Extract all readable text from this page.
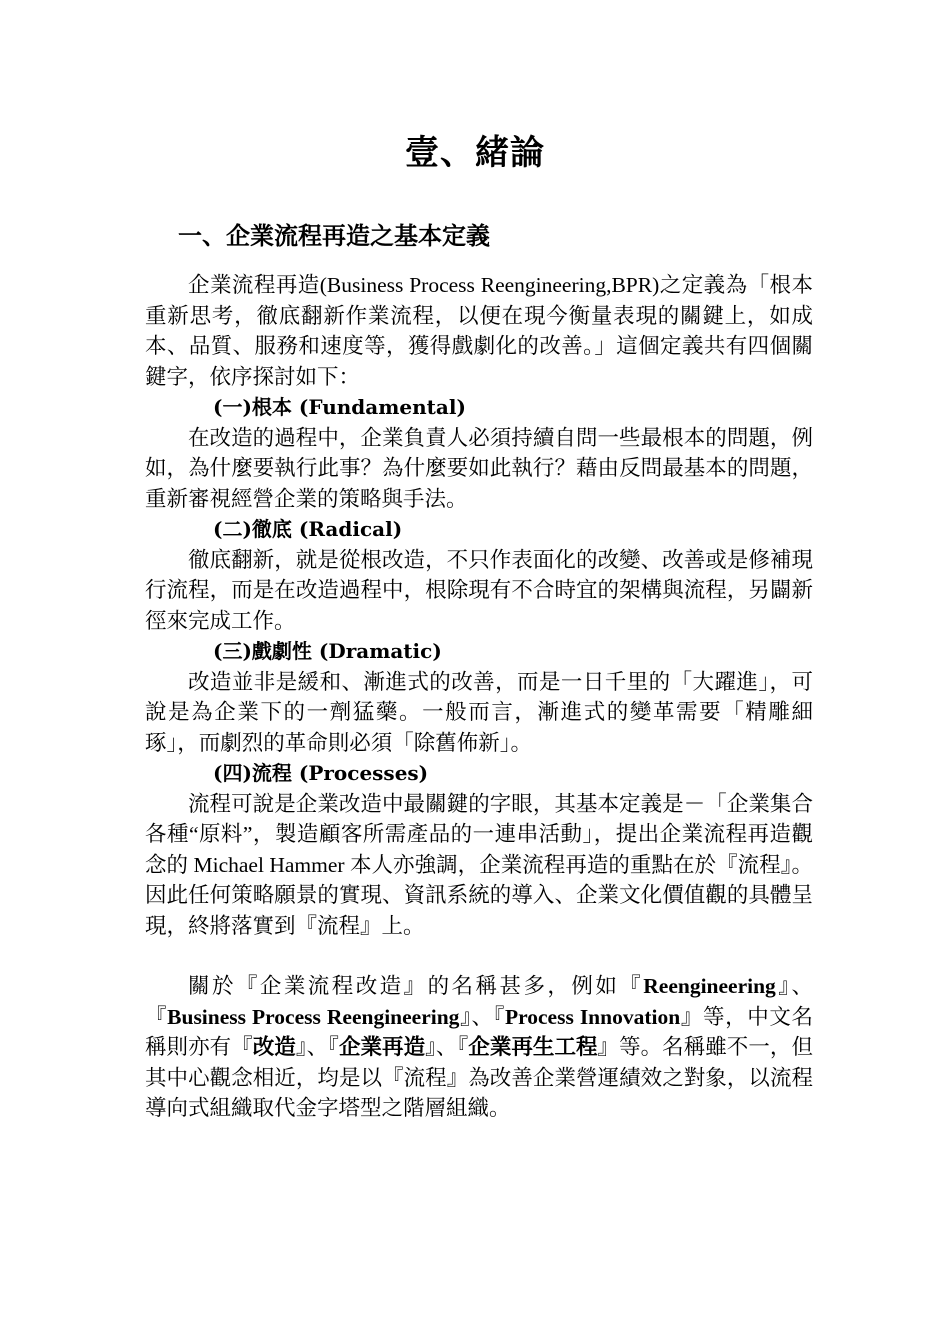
壹、緒論
一、企業流程再造之基本定義

企業流程再造(Business Process Reengineering,BPR)之定義為「根本重新思考，徹底翻新作業流程，以便在現今衡量表現的關鍵上，如成本、品質、服務和速度等，獲得戲劇化的改善。」這個定義共有四個關鍵字，依序探討如下：

(一)根本 (Fundamental)

在改造的過程中，企業負責人必須持續自問一些最根本的問題，例如，為什麼要執行此事？為什麼要如此執行？藉由反問最基本的問題，重新審視經營企業的策略與手法。

(二)徹底 (Radical)

徹底翻新，就是從根改造，不只作表面化的改變、改善或是修補現行流程，而是在改造過程中，根除現有不合時宜的架構與流程，另闢新徑來完成工作。

(三)戲劇性 (Dramatic)

改造並非是緩和、漸進式的改善，而是一日千里的「大躍進」，可說是為企業下的一劑猛藥。一般而言，漸進式的變革需要「精雕細琢」，而劇烈的革命則必須「除舊佈新」。

(四)流程 (Processes)

流程可說是企業改造中最關鍵的字眼，其基本定義是－「企業集合各種“原料”，製造顧客所需產品的一連串活動」，提出企業流程再造觀念的 Michael Hammer 本人亦強調，企業流程再造的重點在於『流程』。因此任何策略願景的實現、資訊系統的導入、企業文化價值觀的具體呈現，終將落實到『流程』上。

關於『企業流程改造』的名稱甚多，例如『Reengineering』、『Business Process Reengineering』、『Process Innovation』等，中文名稱則亦有『改造』、『企業再造』、『企業再生工程』等。名稱雖不一，但其中心觀念相近，均是以『流程』為改善企業營運績效之對象，以流程導向式組織取代金字塔型之階層組織。
